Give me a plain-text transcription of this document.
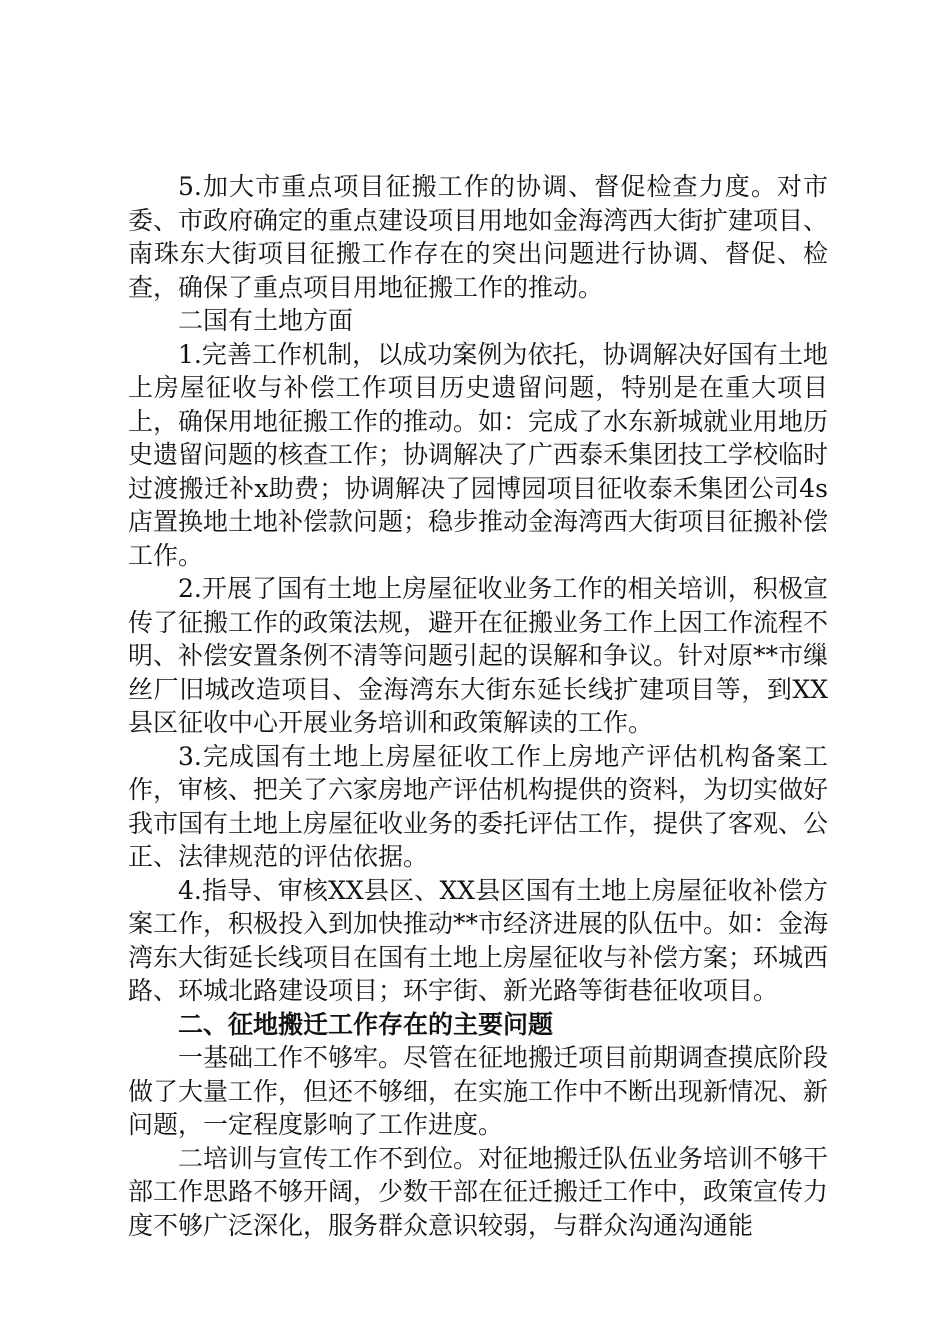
5.加大市重点项目征搬工作的协调、督促检查力度。对市委、市政府确定的重点建设项目用地如金海湾西大街扩建项目、南珠东大街项目征搬工作存在的突出问题进行协调、督促、检查，确保了重点项目用地征搬工作的推动。

二国有土地方面

1.完善工作机制，以成功案例为依托，协调解决好国有土地上房屋征收与补偿工作项目历史遗留问题，特别是在重大项目上，确保用地征搬工作的推动。如：完成了水东新城就业用地历史遗留问题的核查工作；协调解决了广西泰禾集团技工学校临时过渡搬迁补x助费；协调解决了园博园项目征收泰禾集团公司4s店置换地土地补偿款问题；稳步推动金海湾西大街项目征搬补偿工作。

2.开展了国有土地上房屋征收业务工作的相关培训，积极宣传了征搬工作的政策法规，避开在征搬业务工作上因工作流程不明、补偿安置条例不清等问题引起的误解和争议。针对原**市缫丝厂旧城改造项目、金海湾东大街东延长线扩建项目等，到XX县区征收中心开展业务培训和政策解读的工作。

3.完成国有土地上房屋征收工作上房地产评估机构备案工作，审核、把关了六家房地产评估机构提供的资料，为切实做好我市国有土地上房屋征收业务的委托评估工作，提供了客观、公正、法律规范的评估依据。

4.指导、审核XX县区、XX县区国有土地上房屋征收补偿方案工作，积极投入到加快推动**市经济进展的队伍中。如：金海湾东大街延长线项目在国有土地上房屋征收与补偿方案；环城西路、环城北路建设项目；环宇街、新光路等街巷征收项目。

二、征地搬迁工作存在的主要问题

一基础工作不够牢。尽管在征地搬迁项目前期调查摸底阶段做了大量工作，但还不够细，在实施工作中不断出现新情况、新问题，一定程度影响了工作进度。

二培训与宣传工作不到位。对征地搬迁队伍业务培训不够干部工作思路不够开阔，少数干部在征迁搬迁工作中，政策宣传力度不够广泛深化，服务群众意识较弱，与群众沟通沟通能
